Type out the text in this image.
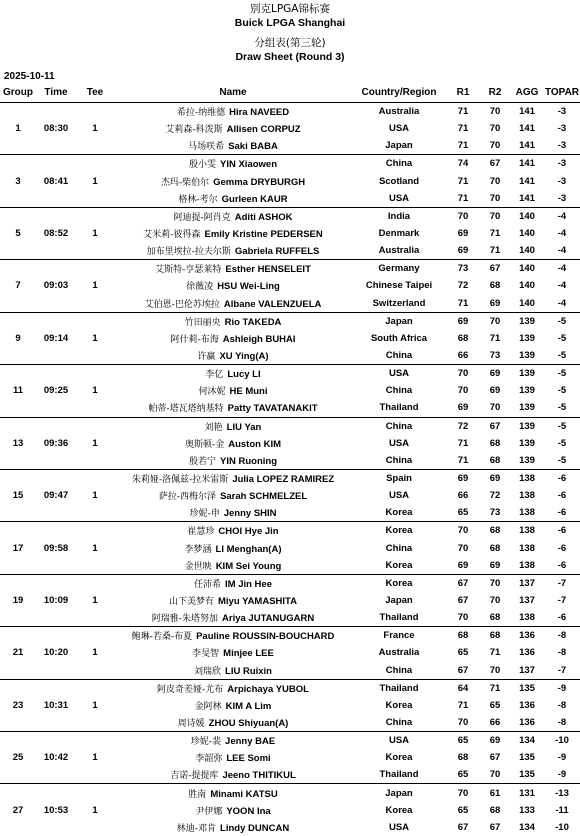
别克LPGA锦标赛
Buick LPGA Shanghai
分组表(第三轮)
Draw Sheet (Round 3)
2025-10-11
Group	Time	Tee	Name	Country/Region	R1	R2	AGG	TOPAR
1	08:30	1	希拉-纳维德 Hira NAVEED	Australia	71	70	141	-3
			艾莉森-科泼斯 Allisen CORPUZ	USA	71	70	141	-3
			马场咲希 Saki BABA	Japan	71	70	141	-3
3	08:41	1	殷小雯 YIN Xiaowen	China	74	67	141	-3
			杰玛-柴伯尔 Gemma DRYBURGH	Scotland	71	70	141	-3
			格林-考尔 Gurleen KAUR	USA	71	70	141	-3
5	08:52	1	阿迪提-阿肖克 Aditi ASHOK	India	70	70	140	-4
			艾米莉-彼得森 Emily Kristine PEDERSEN	Denmark	69	71	140	-4
			加布里埃拉-拉夫尔斯 Gabriela RUFFELS	Australia	69	71	140	-4
7	09:03	1	艾斯特-亨瑟莱特 Esther HENSELEIT	Germany	73	67	140	-4
			徐薇凌 HSU Wei-Ling	Chinese Taipei	72	68	140	-4
			艾伯恩-巴伦苏埃拉 Albane VALENZUELA	Switzerland	71	69	140	-4
9	09:14	1	竹田丽央 Rio TAKEDA	Japan	69	70	139	-5
			阿什莉-布海 Ashleigh BUHAI	South Africa	68	71	139	-5
			许赢 XU Ying(A)	China	66	73	139	-5
11	09:25	1	李亿 Lucy LI	USA	70	69	139	-5
			何沐妮 HE Muni	China	70	69	139	-5
			帕蒂-塔瓦塔纳基特 Patty TAVATANAKIT	Thailand	69	70	139	-5
13	09:36	1	刘艳 LIU Yan	China	72	67	139	-5
			奥斯顿-金 Auston KIM	USA	71	68	139	-5
			殷若宁 YIN Ruoning	China	71	68	139	-5
15	09:47	1	朱莉娅-洛佩兹-拉米雷斯 Julia LOPEZ RAMIREZ	Spain	69	69	138	-6
			萨拉-西梅尔泽 Sarah SCHMELZEL	USA	66	72	138	-6
			珍妮-申 Jenny SHIN	Korea	65	73	138	-6
17	09:58	1	崔慧珍 CHOI Hye Jin	Korea	70	68	138	-6
			李梦涵 LI Menghan(A)	China	70	68	138	-6
			金世映 KIM Sei Young	Korea	69	69	138	-6
19	10:09	1	任沛希 IM Jin Hee	Korea	67	70	137	-7
			山下美梦有 Miyu YAMASHITA	Japan	67	70	137	-7
			阿瑞雅-朱塔努加 Ariya JUTANUGARN	Thailand	70	68	138	-6
21	10:20	1	鲍琳-若桑-布夏 Pauline ROUSSIN-BOUCHARD	France	68	68	136	-8
			李旻智 Minjee LEE	Australia	65	71	136	-8
			刘瑞欣 LIU Ruixin	China	67	70	137	-7
23	10:31	1	阿皮奇差娅-尤布 Arpichaya YUBOL	Thailand	64	71	135	-9
			金阿林 KIM A Lim	Korea	71	65	136	-8
			周诗媛 ZHOU Shiyuan(A)	China	70	66	136	-8
25	10:42	1	珍妮-裴 Jenny BAE	USA	65	69	134	-10
			李韶弥 LEE Somi	Korea	68	67	135	-9
			吉诺-提提库 Jeeno THITIKUL	Thailand	65	70	135	-9
27	10:53	1	胜南 Minami KATSU	Japan	70	61	131	-13
			尹伊娜 YOON Ina	Korea	65	68	133	-11
			林迪-邓肯 Lindy DUNCAN	USA	67	67	134	-10
